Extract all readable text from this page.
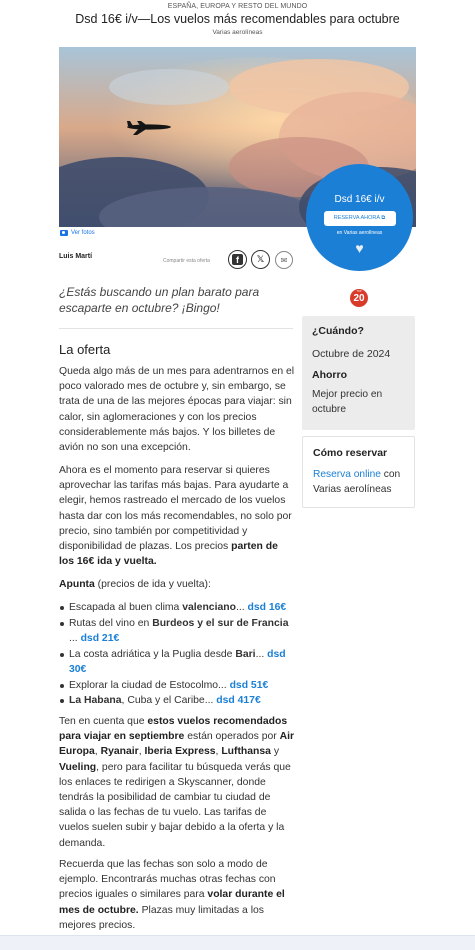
ESPAÑA, EUROPA Y RESTO DEL MUNDO
Dsd 16€ i/v—Los vuelos más recomendables para octubre
Varias aerolíneas
Ver fotos
Dsd 16€ i/v
RESERVA AHORA ⧉
en Varias aerolíneas
♥
Luis Martí
Compartir esta oferta	f	𝕏 ✉
¿Estás buscando un plan barato para escaparte en octubre? ¡Bingo!
TOP
20
La oferta

Queda algo más de un mes para adentrarnos en el poco valorado mes de octubre y, sin embargo, se trata de una de las mejores épocas para viajar: sin calor, sin aglomeraciones y con los precios considerablemente más bajos. Y los billetes de avión no son una excepción.

Ahora es el momento para reservar si quieres aprovechar las tarifas más bajas. Para ayudarte a elegir, hemos rastreado el mercado de los vuelos hasta dar con los más recomendables, no solo por precio, sino también por competitividad y disponibilidad de plazas. Los precios parten de los 16€ ida y vuelta.

Apunta (precios de ida y vuelta):

Escapada al buen clima valenciano... dsd 16€
Rutas del vino en Burdeos y el sur de Francia ... dsd 21€
La costa adriática y la Puglia desde Bari... dsd 30€
Explorar la ciudad de Estocolmo... dsd 51€
La Habana, Cuba y el Caribe... dsd 417€

Ten en cuenta que estos vuelos recomendados para viajar en septiembre están operados por Air Europa, Ryanair, Iberia Express, Lufthansa y Vueling, pero para facilitar tu búsqueda verás que los enlaces te redirigen a Skyscanner, donde tendrás la posibilidad de cambiar tu ciudad de salida o las fechas de tu vuelo. Las tarifas de vuelos suelen subir y bajar debido a la oferta y la demanda.

Recuerda que las fechas son solo a modo de ejemplo. Encontrarás muchas otras fechas con precios iguales o similares para volar durante el mes de octubre. Plazas muy limitadas a los mejores precios.

¿Cuándo?
Octubre de 2024
Ahorro
Mejor precio en octubre
Cómo reservar
Reserva online con Varias aerolíneas
